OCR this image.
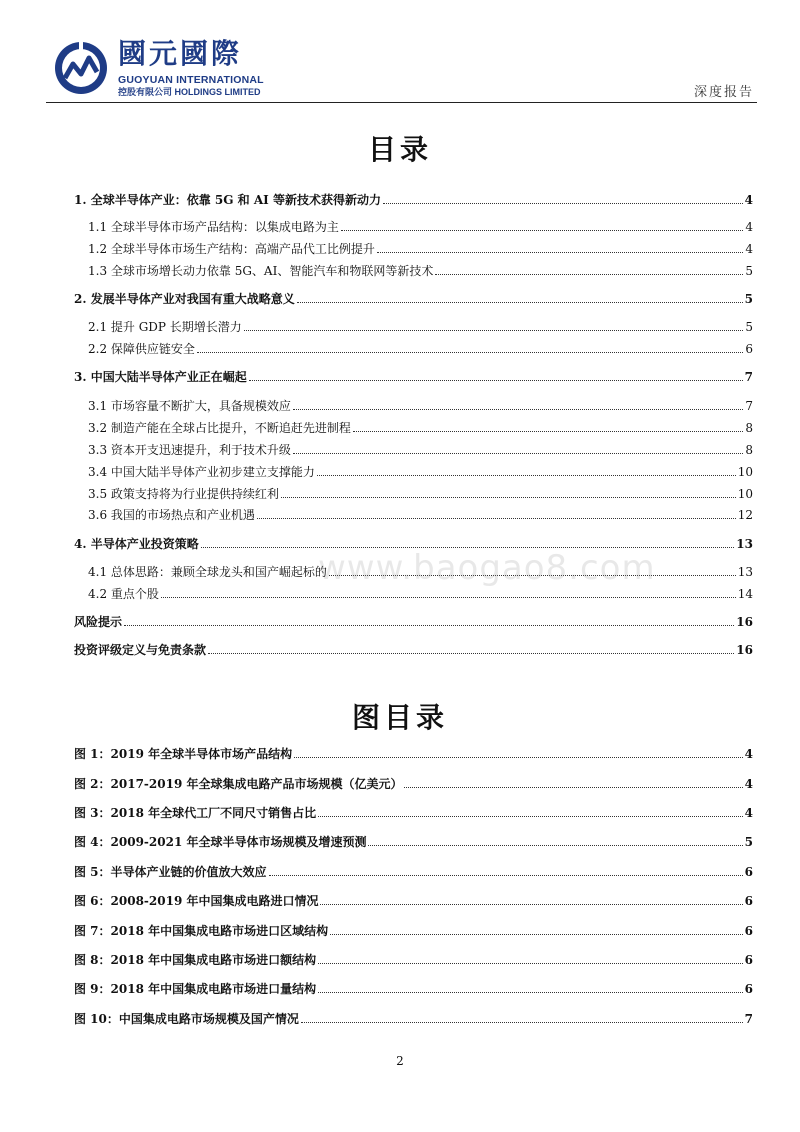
國元國際
GUOYUAN INTERNATIONAL
控股有限公司 HOLDINGS LIMITED	深度报告
目录
1. 全球半导体产业：依靠 5G 和 AI 等新技术获得新动力	4
1.1 全球半导体市场产品结构：以集成电路为主	4
1.2 全球半导体市场生产结构：高端产品代工比例提升	4
1.3 全球市场增长动力依靠 5G、AI、智能汽车和物联网等新技术	5
2. 发展半导体产业对我国有重大战略意义	5
2.1 提升 GDP 长期增长潜力	5
2.2 保障供应链安全	6
3. 中国大陆半导体产业正在崛起	7
3.1 市场容量不断扩大，具备规模效应	7
3.2 制造产能在全球占比提升，不断追赶先进制程	8
3.3 资本开支迅速提升，利于技术升级	8
3.4 中国大陆半导体产业初步建立支撑能力	10
3.5 政策支持将为行业提供持续红利	10
3.6 我国的市场热点和产业机遇	12
4. 半导体产业投资策略	13
4.1 总体思路：兼顾全球龙头和国产崛起标的	13
4.2 重点个股	14
风险提示	16
投资评级定义与免责条款	16
www.baogao8.com
图目录
图 1：2019 年全球半导体市场产品结构	4
图 2：2017-2019 年全球集成电路产品市场规模（亿美元）	4
图 3：2018 年全球代工厂不同尺寸销售占比	4
图 4：2009-2021 年全球半导体市场规模及增速预测	5
图 5：半导体产业链的价值放大效应	6
图 6：2008-2019 年中国集成电路进口情况	6
图 7：2018 年中国集成电路市场进口区域结构	6
图 8：2018 年中国集成电路市场进口额结构	6
图 9：2018 年中国集成电路市场进口量结构	6
图 10：中国集成电路市场规模及国产情况	7
2
